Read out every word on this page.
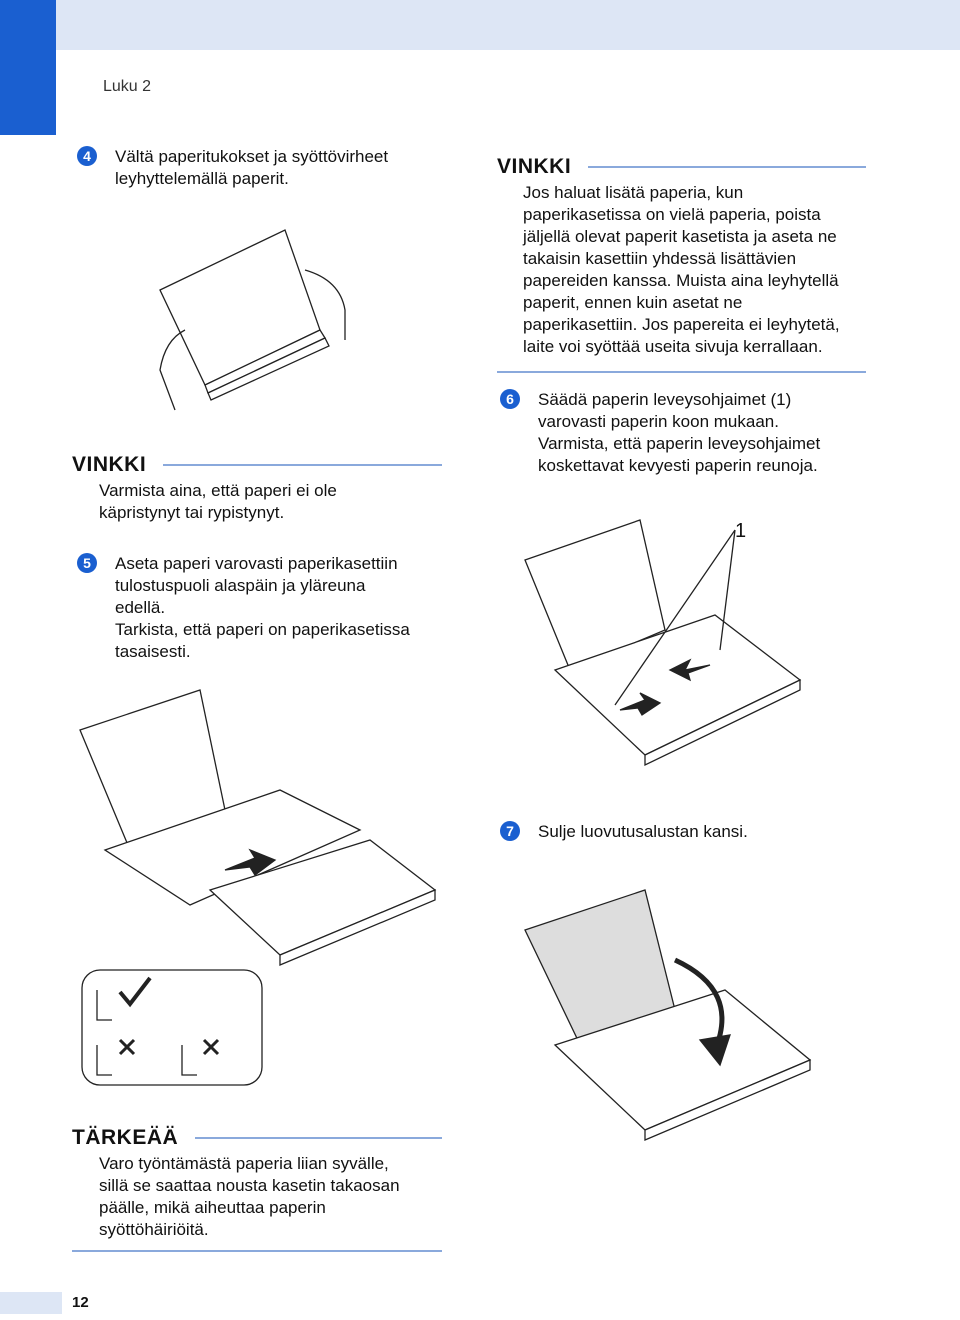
Luku 2
4	Vältä paperitukokset ja syöttövirheet
leyhyttelemällä paperit.
VINKKI
Varmista aina, että paperi ei ole
käpristynyt tai rypistynyt.
5	Aseta paperi varovasti paperikasettiin
tulostuspuoli alaspäin ja yläreuna
edellä.
Tarkista, että paperi on paperikasetissa
tasaisesti.
TÄRKEÄÄ
Varo työntämästä paperia liian syvälle,
sillä se saattaa nousta kasetin takaosan
päälle, mikä aiheuttaa paperin
syöttöhäiriöitä.
VINKKI
Jos haluat lisätä paperia, kun
paperikasetissa on vielä paperia, poista
jäljellä olevat paperit kasetista ja aseta ne
takaisin kasettiin yhdessä lisättävien
papereiden kanssa. Muista aina leyhytellä
paperit, ennen kuin asetat ne
paperikasettiin. Jos papereita ei leyhytetä,
laite voi syöttää useita sivuja kerrallaan.
6	Säädä paperin leveysohjaimet (1)
varovasti paperin koon mukaan.
Varmista, että paperin leveysohjaimet
koskettavat kevyesti paperin reunoja.
1
7	Sulje luovutusalustan kansi.
12
